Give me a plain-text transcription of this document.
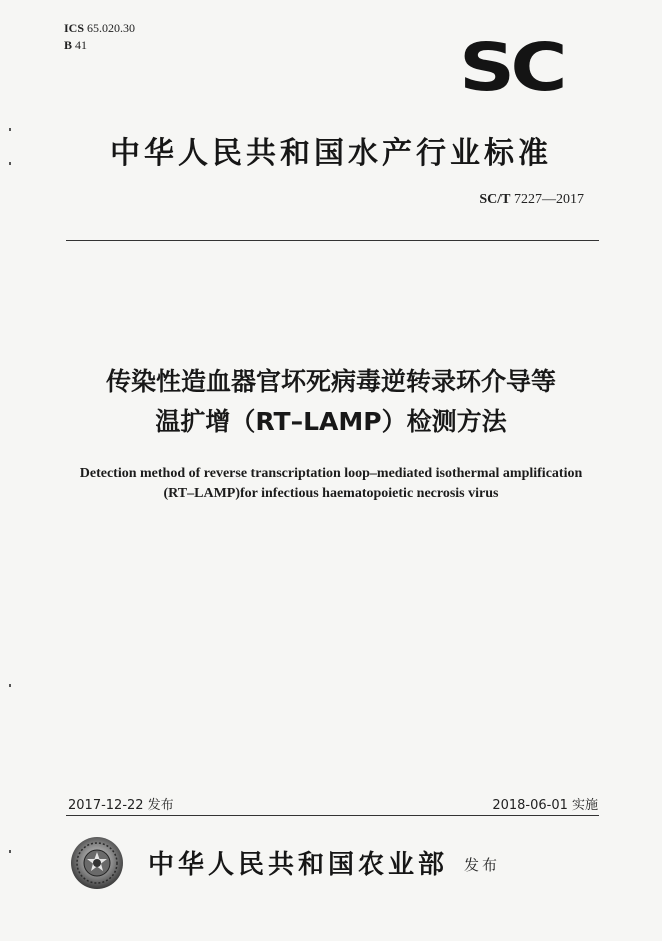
ICS 65.020.30
B 41	SC
中华人民共和国水产行业标准
SC/T 7227—2017
传染性造血器官坏死病毒逆转录环介导等
温扩增（RT–LAMP）检测方法
Detection method of reverse transcriptation loop–mediated isothermal amplification
(RT–LAMP)for infectious haematopoietic necrosis virus
2017-12-22 发布	2018-06-01 实施
中华人民共和国农业部 发布
